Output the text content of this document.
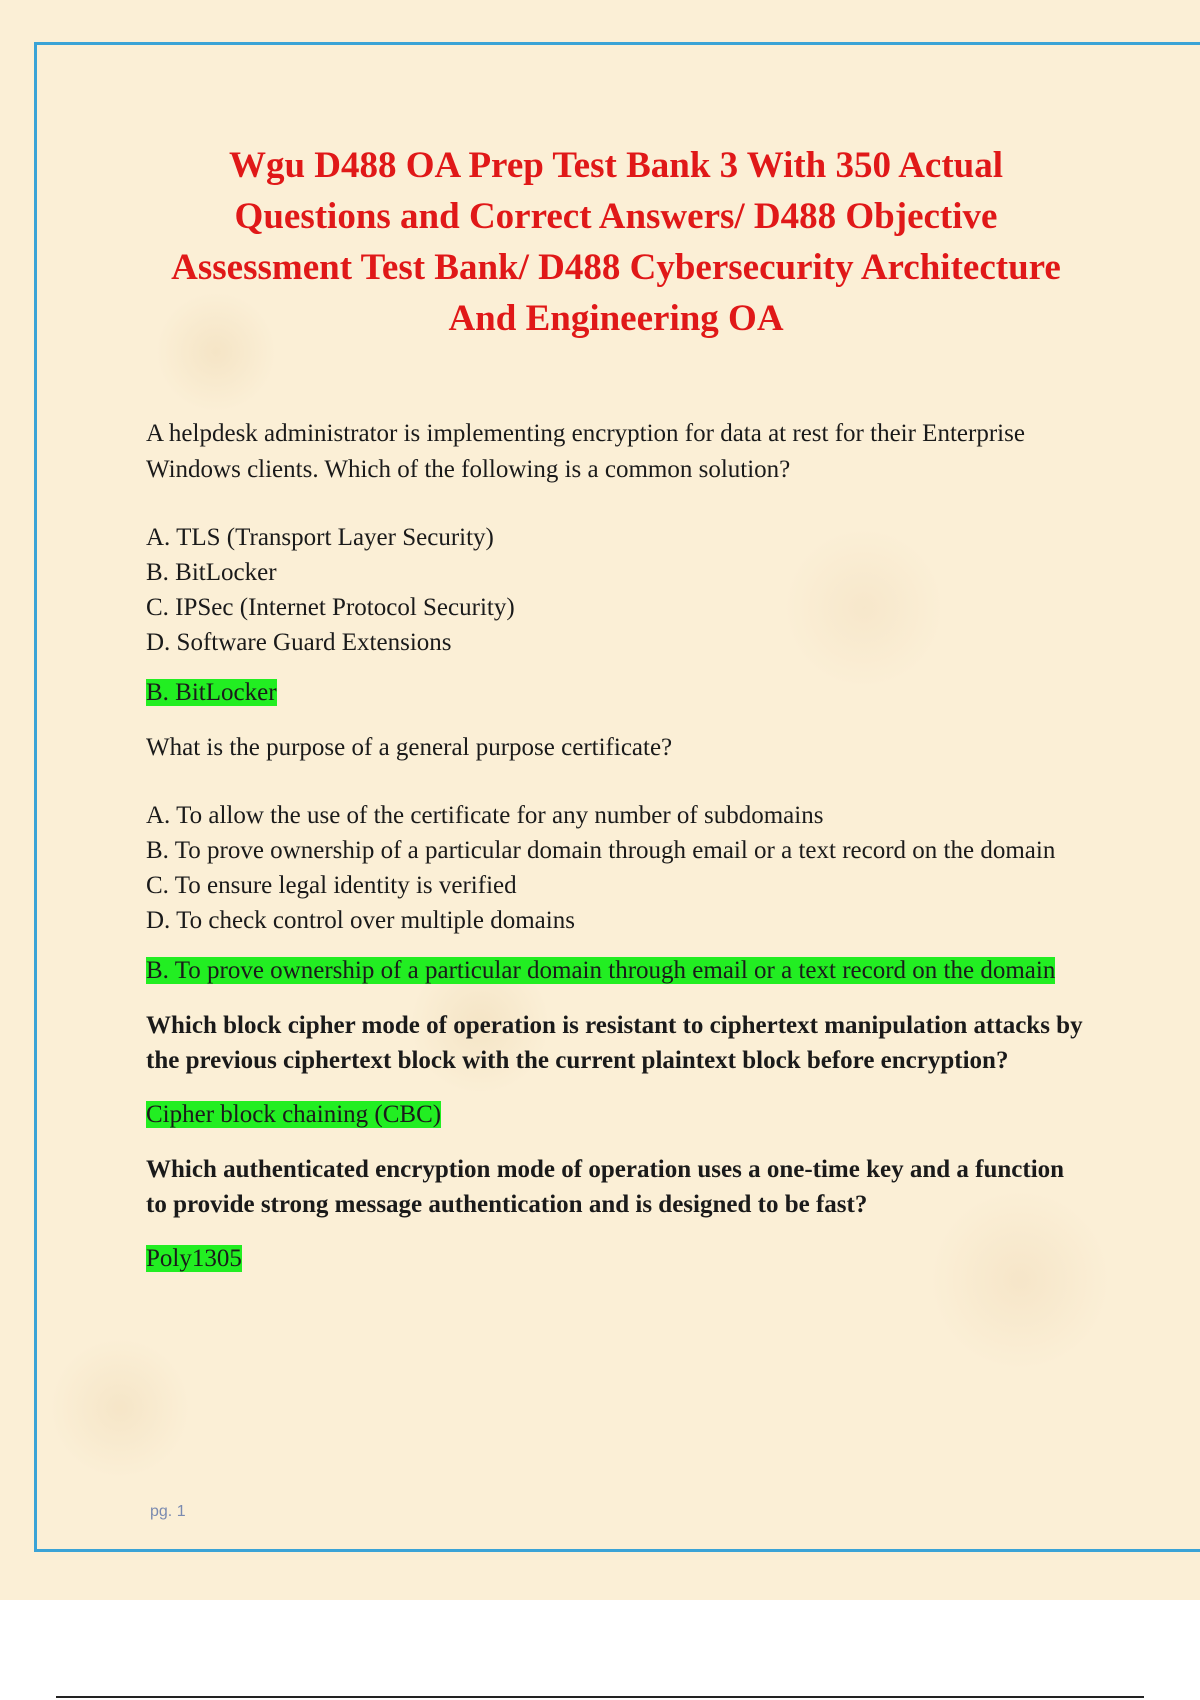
Wgu D488 OA Prep Test Bank 3 With 350 Actual Questions and Correct Answers/ D488 Objective Assessment Test Bank/ D488 Cybersecurity Architecture And Engineering OA

A helpdesk administrator is implementing encryption for data at rest for their Enterprise Windows clients. Which of the following is a common solution?

A. TLS (Transport Layer Security)
B. BitLocker
C. IPSec (Internet Protocol Security)
D. Software Guard Extensions

B. BitLocker

What is the purpose of a general purpose certificate?

A. To allow the use of the certificate for any number of subdomains
B. To prove ownership of a particular domain through email or a text record on the domain
C. To ensure legal identity is verified
D. To check control over multiple domains

B. To prove ownership of a particular domain through email or a text record on the domain

Which block cipher mode of operation is resistant to ciphertext manipulation attacks by the previous ciphertext block with the current plaintext block before encryption?

Cipher block chaining (CBC)

Which authenticated encryption mode of operation uses a one-time key and a function to provide strong message authentication and is designed to be fast?

Poly1305

pg. 1
